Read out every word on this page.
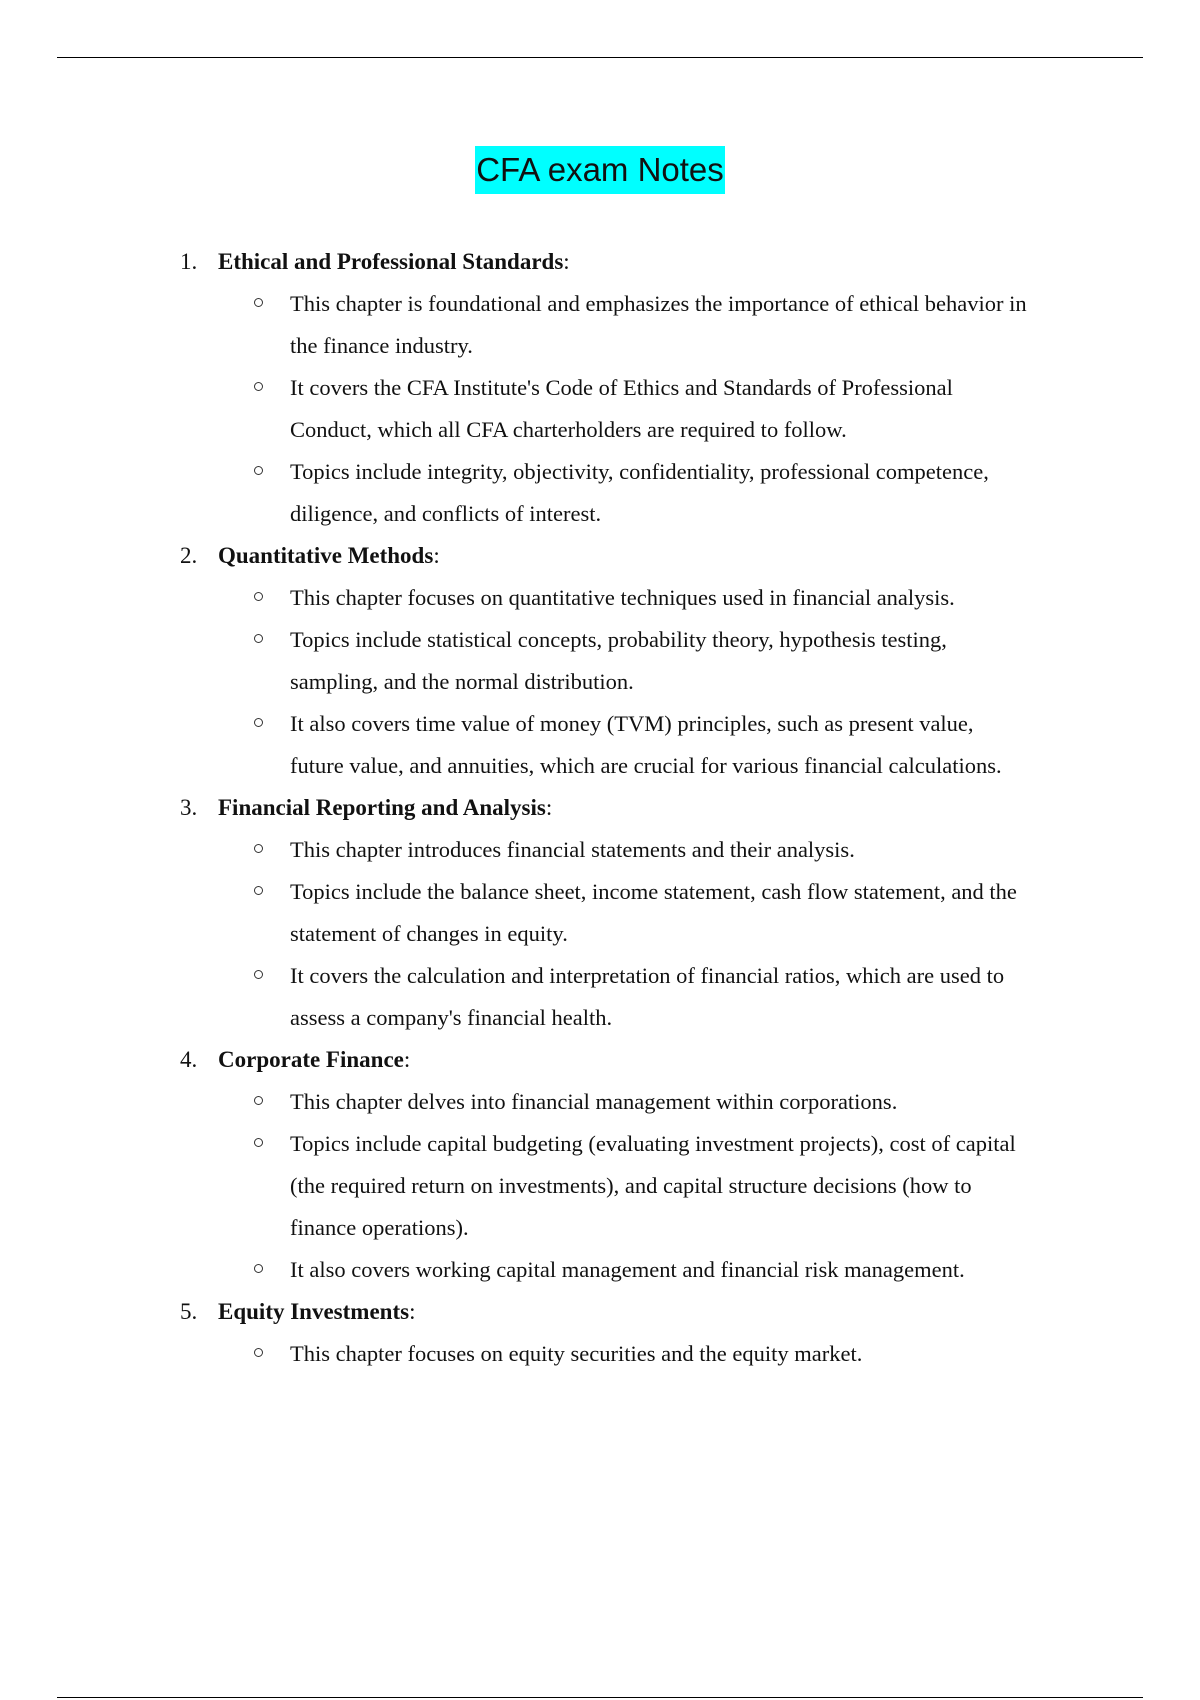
CFA exam Notes
1. Ethical and Professional Standards:
This chapter is foundational and emphasizes the importance of ethical behavior in
the finance industry.
It covers the CFA Institute's Code of Ethics and Standards of Professional
Conduct, which all CFA charterholders are required to follow.
Topics include integrity, objectivity, confidentiality, professional competence,
diligence, and conflicts of interest.
2. Quantitative Methods:
This chapter focuses on quantitative techniques used in financial analysis.
Topics include statistical concepts, probability theory, hypothesis testing,
sampling, and the normal distribution.
It also covers time value of money (TVM) principles, such as present value,
future value, and annuities, which are crucial for various financial calculations.
3. Financial Reporting and Analysis:
This chapter introduces financial statements and their analysis.
Topics include the balance sheet, income statement, cash flow statement, and the
statement of changes in equity.
It covers the calculation and interpretation of financial ratios, which are used to
assess a company's financial health.
4. Corporate Finance:
This chapter delves into financial management within corporations.
Topics include capital budgeting (evaluating investment projects), cost of capital
(the required return on investments), and capital structure decisions (how to
finance operations).
It also covers working capital management and financial risk management.
5. Equity Investments:
This chapter focuses on equity securities and the equity market.
